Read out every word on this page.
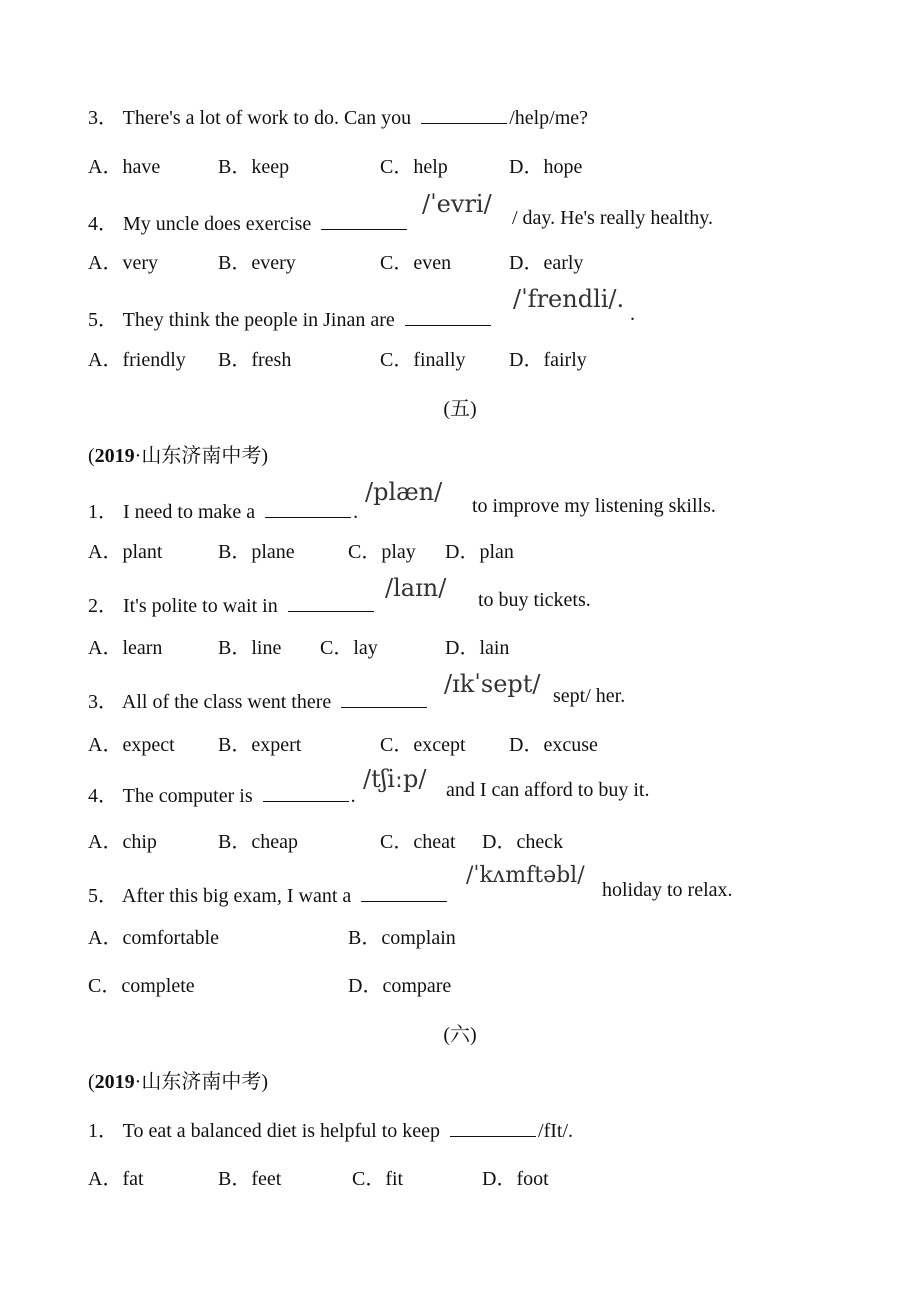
3． There's a lot of work to do. Can you	/help/me?
A．have	B．keep	C．help	D．hope
4． My uncle does exercise
/ˈevri/ / day. He's really healthy.
A．very	B．every	C．even	D．early
5． They think the people in Jinan are
/ˈfrendli/.
.
A．friendly B．fresh	C．finally D．fairly
(五)
(2019·山东济南中考)
1． I need to make a	.
/plæn/ to improve my listening skills.
A．plant	B．plane	C．play D．plan
2． It's polite to wait in
/laɪn/ to buy tickets.
A．learn	B．line C．lay	D．lain
3． All of the class went there
/ɪkˈsept/ sept/ her.
A．expect B．expert	C．except D．excuse
4． The computer is	.
/tʃiːp/ and I can afford to buy it.
A．chip	B．cheap	C．cheat D．check
5． After this big exam, I want a
/ˈkʌmftəbl/
holiday to relax.
A．comfortable	B．complain
C．complete	D．compare
(六)
(2019·山东济南中考)
1． To eat a balanced diet is helpful to keep	/fIt/.
A．fat	B．feet	C．fit	D．foot
